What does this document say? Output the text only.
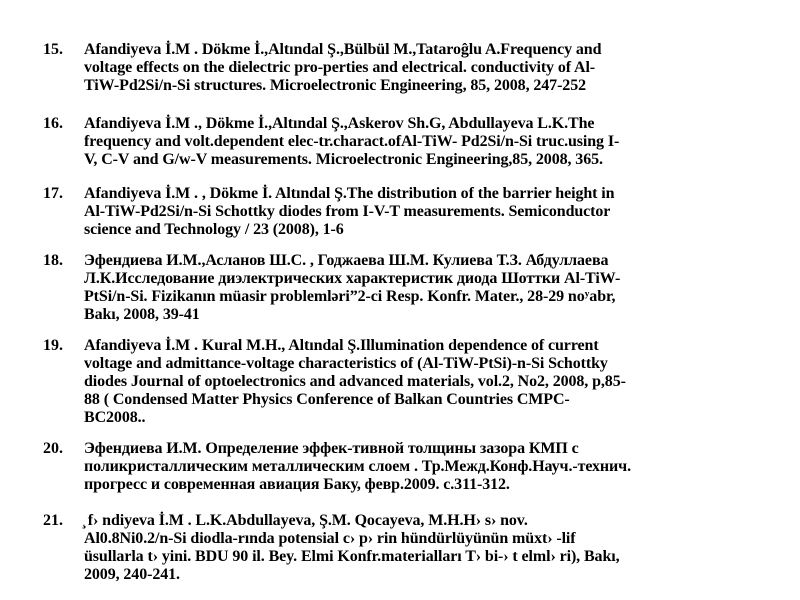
15.	Afandiyeva İ.M . Dökme İ.,Altındal Ş.,Bülbül M.,Tataroĝlu A.Frequency and
voltage effects on the dielectric pro-perties and electrical. conductivity of Al-
TiW-Pd2Si/n-Si structures. Microelectronic Engineering, 85, 2008, 247-252
16.	Afandiyeva İ.M ., Dökme İ.,Altındal Ş.,Askerov Sh.G, Abdullayeva L.K.The
frequency and volt.dependent elec-tr.charact.ofAl-TiW- Pd2Si/n-Si truc.using I-
V, C-V and G/w-V measurements. Microelectronic Engineering,85, 2008, 365.
17.	Afandiyeva İ.M . , Dökme İ. Altındal Ş.The distribution of the barrier height in
Al-TiW-Pd2Si/n-Si Schottky diodes from I-V-T measurements. Semiconductor
science and Technology / 23 (2008), 1-6
18.	Эфендиева И.М.,Асланов Ш.С. , Годжаева Ш.М. Кулиева Т.З. Абдуллаева
Л.К.Исследование диэлектрических характеристик диода Шоттки Al-TiW-
PtSi/n-Si. Fizikanın müasir problemləri”2-ci Resp. Konfr. Mater., 28-29 noʸabr,
Bakı, 2008, 39-41
19.	Afandiyeva İ.M . Kural M.H., Altındal Ş.Illumination dependence of current
voltage and admittance-voltage characteristics of (Al-TiW-PtSi)-n-Si Schottky
diodes Journal of optoelectronics and advanced materials, vol.2, No2, 2008, p,85-
88 ( Condensed Matter Physics Conference of Balkan Countries CMPC-
BC2008..
20.	Эфендиева И.М. Определение эффек-тивной толщины зазора КМП с
поликристаллическим металлическим слоем . Тр.Межд.Конф.Науч.-технич.
прогресс и современная авиация Баку, февр.2009. с.311-312.
21.	̧ f› ndiyeva İ.M . L.K.Abdullayeva, Ş.M. Qocayeva, M.H.H› s› nov.
Al0.8Ni0.2/n-Si diodla-rında potensial c› p› rin hündürlüyünün müxt› -lif
üsullarla t› yini. BDU 90 il. Bey. Elmi Konfr.materialları T› bi-› t elml› ri), Bakı,
2009, 240-241.
